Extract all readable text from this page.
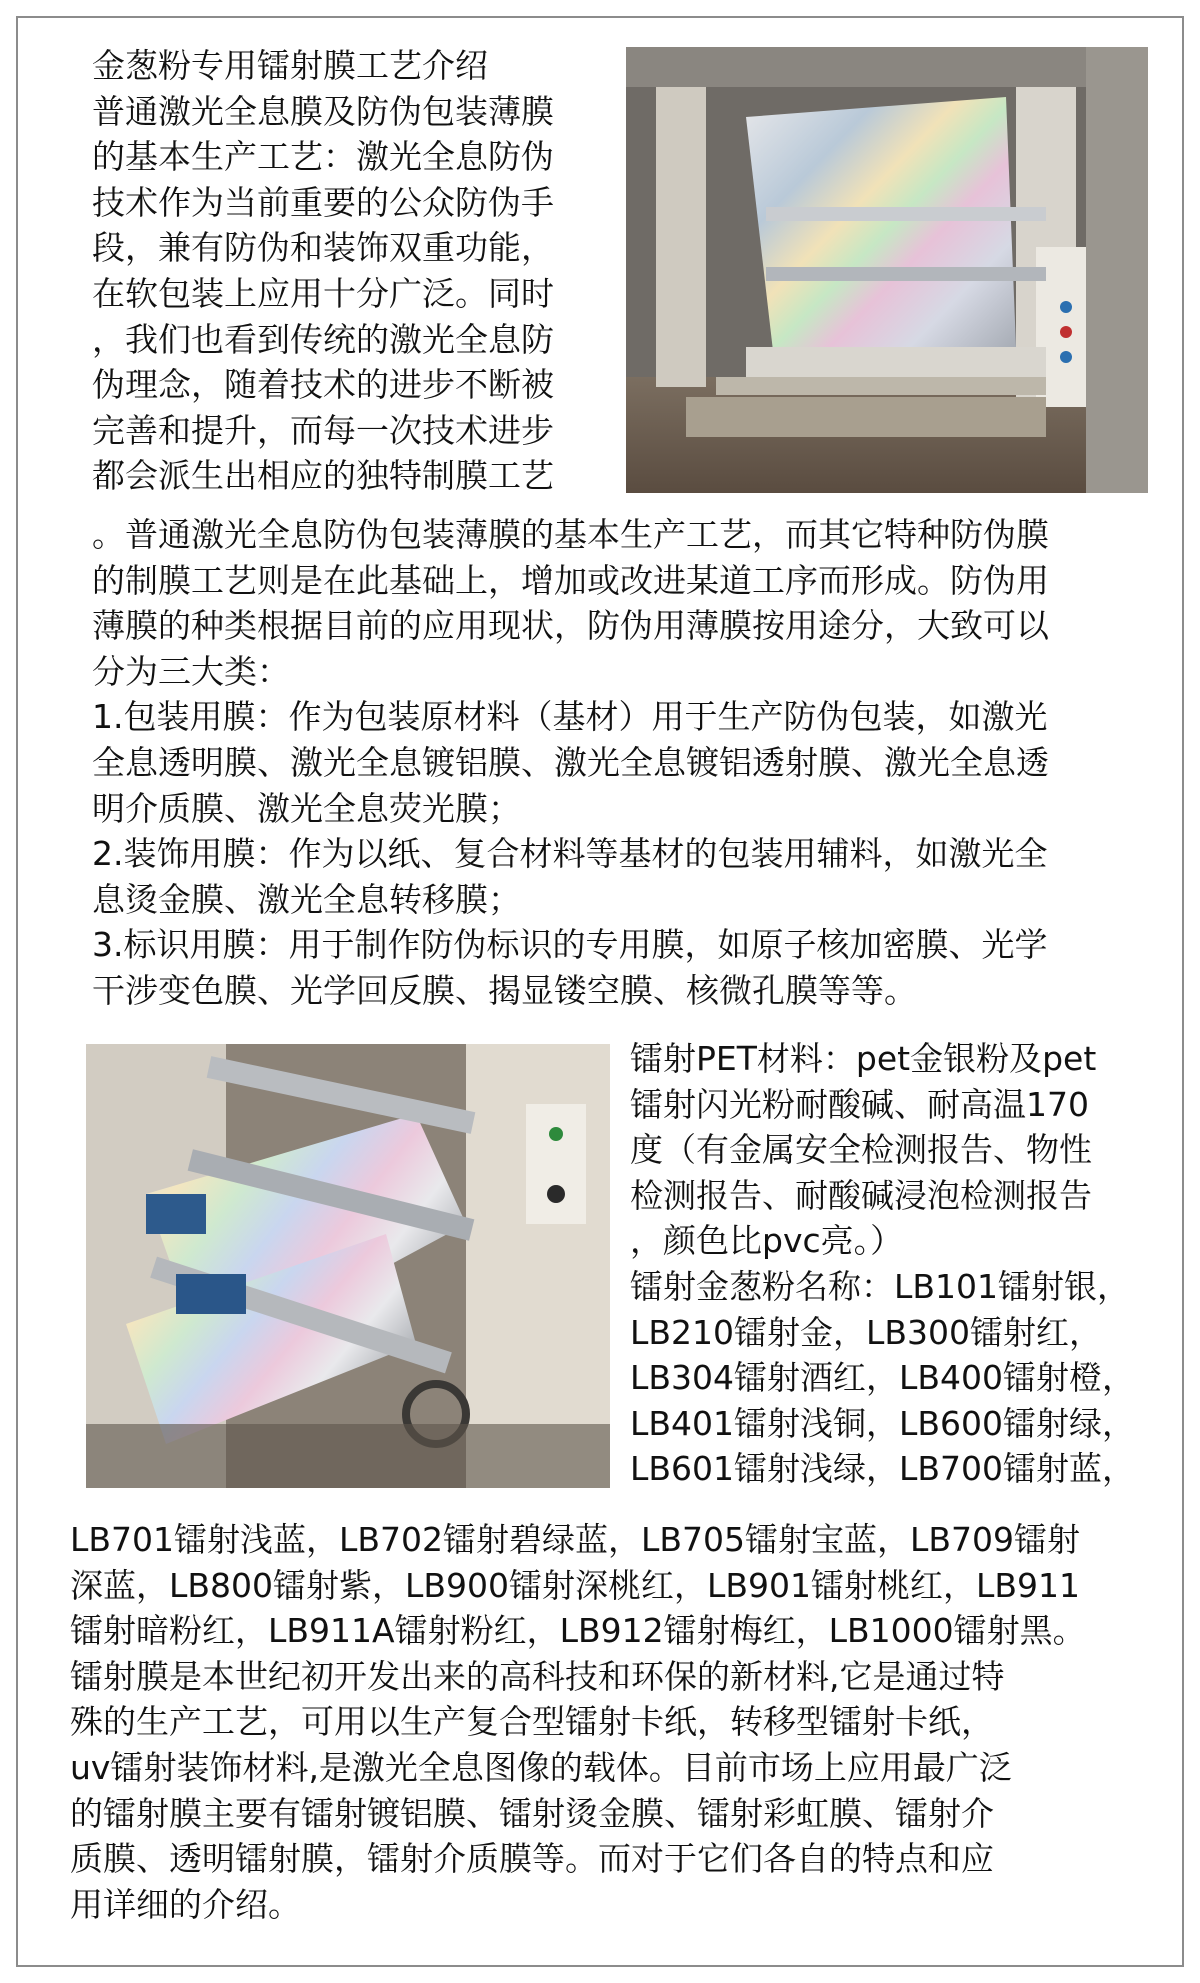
金葱粉专用镭射膜工艺介绍
普通激光全息膜及防伪包装薄膜
的基本生产工艺：激光全息防伪
技术作为当前重要的公众防伪手
段，兼有防伪和装饰双重功能，
在软包装上应用十分广泛。同时
，我们也看到传统的激光全息防
伪理念，随着技术的进步不断被
完善和提升，而每一次技术进步
都会派生出相应的独特制膜工艺
。普通激光全息防伪包装薄膜的基本生产工艺，而其它特种防伪膜
的制膜工艺则是在此基础上，增加或改进某道工序而形成。防伪用
薄膜的种类根据目前的应用现状，防伪用薄膜按用途分，大致可以
分为三大类：
1.包装用膜：作为包装原材料（基材）用于生产防伪包装，如激光
全息透明膜、激光全息镀铝膜、激光全息镀铝透射膜、激光全息透
明介质膜、激光全息荧光膜；
2.装饰用膜：作为以纸、复合材料等基材的包装用辅料，如激光全
息烫金膜、激光全息转移膜；
3.标识用膜：用于制作防伪标识的专用膜，如原子核加密膜、光学
干涉变色膜、光学回反膜、揭显镂空膜、核微孔膜等等。
镭射PET材料：pet金银粉及pet
镭射闪光粉耐酸碱、耐高温170
度（有金属安全检测报告、物性
检测报告、耐酸碱浸泡检测报告
，颜色比pvc亮。）
镭射金葱粉名称：LB101镭射银，
LB210镭射金，LB300镭射红，
LB304镭射酒红，LB400镭射橙，
LB401镭射浅铜，LB600镭射绿，
LB601镭射浅绿，LB700镭射蓝，
LB701镭射浅蓝，LB702镭射碧绿蓝，LB705镭射宝蓝，LB709镭射
深蓝，LB800镭射紫，LB900镭射深桃红，LB901镭射桃红，LB911
镭射暗粉红，LB911A镭射粉红，LB912镭射梅红，LB1000镭射黑。
镭射膜是本世纪初开发出来的高科技和环保的新材料,它是通过特
殊的生产工艺，可用以生产复合型镭射卡纸，转移型镭射卡纸，
uv镭射装饰材料,是激光全息图像的载体。目前市场上应用最广泛
的镭射膜主要有镭射镀铝膜、镭射烫金膜、镭射彩虹膜、镭射介
质膜、透明镭射膜，镭射介质膜等。而对于它们各自的特点和应
用详细的介绍。
